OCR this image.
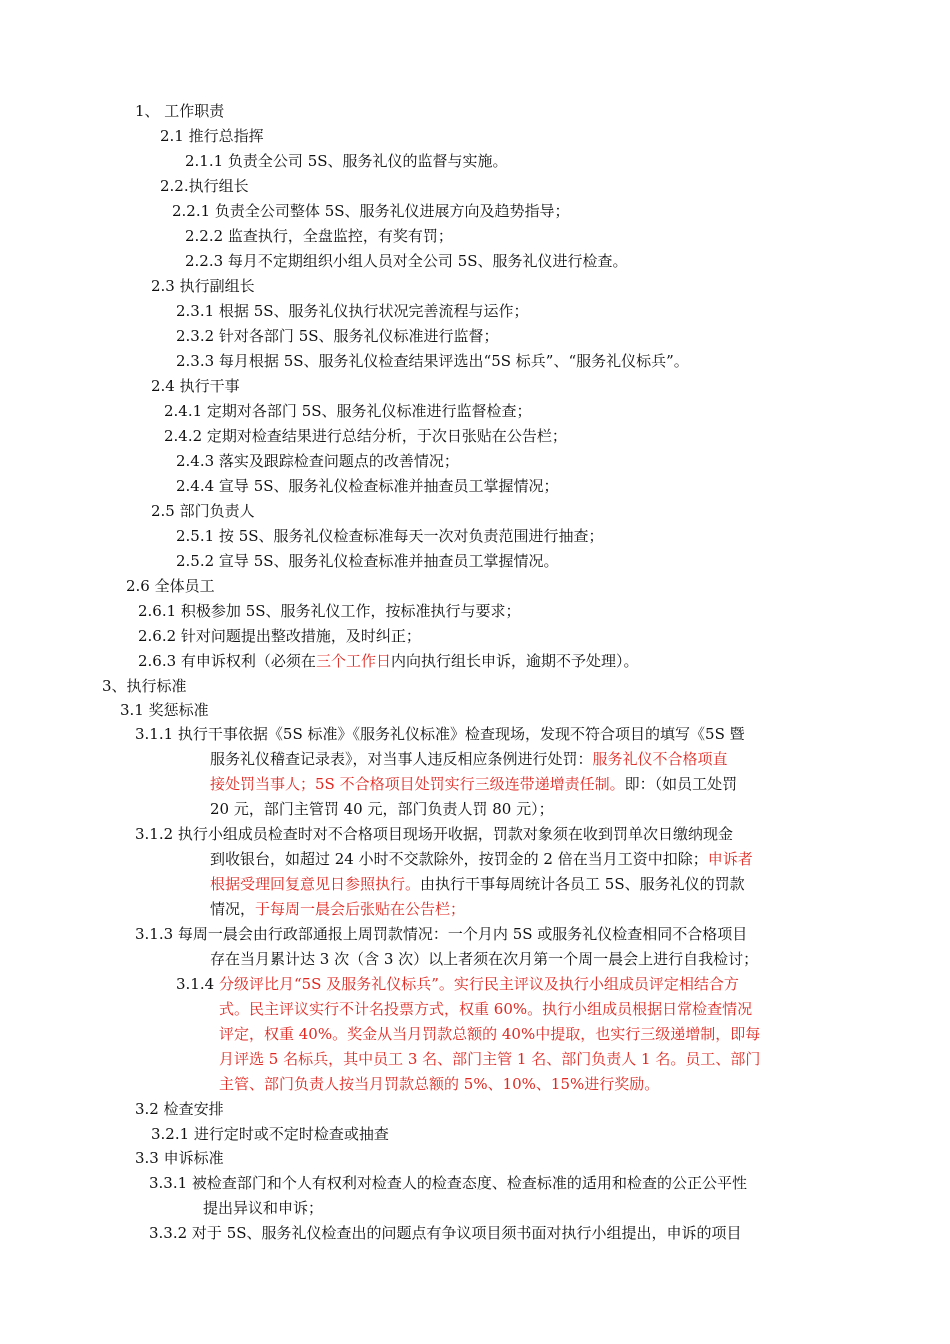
1、 工作职责
2.1 推行总指挥
2.1.1 负责全公司 5S、服务礼仪的监督与实施。
2.2.执行组长
2.2.1 负责全公司整体 5S、服务礼仪进展方向及趋势指导；
2.2.2 监查执行，全盘监控，有奖有罚；
2.2.3 每月不定期组织小组人员对全公司 5S、服务礼仪进行检查。
2.3 执行副组长
2.3.1 根据 5S、服务礼仪执行状况完善流程与运作；
2.3.2 针对各部门 5S、服务礼仪标准进行监督；
2.3.3 每月根据 5S、服务礼仪检查结果评选出“5S 标兵”、“服务礼仪标兵”。
2.4 执行干事
2.4.1 定期对各部门 5S、服务礼仪标准进行监督检查；
2.4.2 定期对检查结果进行总结分析，于次日张贴在公告栏；
2.4.3 落实及跟踪检查问题点的改善情况；
2.4.4 宣导 5S、服务礼仪检查标准并抽查员工掌握情况；
2.5 部门负责人
2.5.1 按 5S、服务礼仪检查标准每天一次对负责范围进行抽查；
2.5.2 宣导 5S、服务礼仪检查标准并抽查员工掌握情况。
2.6 全体员工
2.6.1 积极参加 5S、服务礼仪工作，按标准执行与要求；
2.6.2 针对问题提出整改措施，及时纠正；
2.6.3 有申诉权利（必须在三个工作日内向执行组长申诉，逾期不予处理）。
3、执行标准
3.1 奖惩标准
3.1.1 执行干事依据《5S 标准》《服务礼仪标准》检查现场，发现不符合项目的填写《5S 暨
服务礼仪稽查记录表》，对当事人违反相应条例进行处罚：服务礼仪不合格项直
接处罚当事人；5S 不合格项目处罚实行三级连带递增责任制。即：（如员工处罚
20 元，部门主管罚 40 元，部门负责人罚 80 元）；
3.1.2 执行小组成员检查时对不合格项目现场开收据，罚款对象须在收到罚单次日缴纳现金
到收银台，如超过 24 小时不交款除外，按罚金的 2 倍在当月工资中扣除；申诉者
根据受理回复意见日参照执行。由执行干事每周统计各员工 5S、服务礼仪的罚款
情况，于每周一晨会后张贴在公告栏；
3.1.3 每周一晨会由行政部通报上周罚款情况：一个月内 5S 或服务礼仪检查相同不合格项目
存在当月累计达 3 次（含 3 次）以上者须在次月第一个周一晨会上进行自我检讨；
3.1.4 分级评比月“5S 及服务礼仪标兵”。实行民主评议及执行小组成员评定相结合方
式。民主评议实行不计名投票方式，权重 60%。执行小组成员根据日常检查情况
评定，权重 40%。奖金从当月罚款总额的 40%中提取，也实行三级递增制，即每
月评选 5 名标兵，其中员工 3 名、部门主管 1 名、部门负责人 1 名。员工、部门
主管、部门负责人按当月罚款总额的 5%、10%、15%进行奖励。
3.2 检查安排
3.2.1 进行定时或不定时检查或抽查
3.3 申诉标准
3.3.1 被检查部门和个人有权利对检查人的检查态度、检查标准的适用和检查的公正公平性
提出异议和申诉；
3.3.2 对于 5S、服务礼仪检查出的问题点有争议项目须书面对执行小组提出，申诉的项目
